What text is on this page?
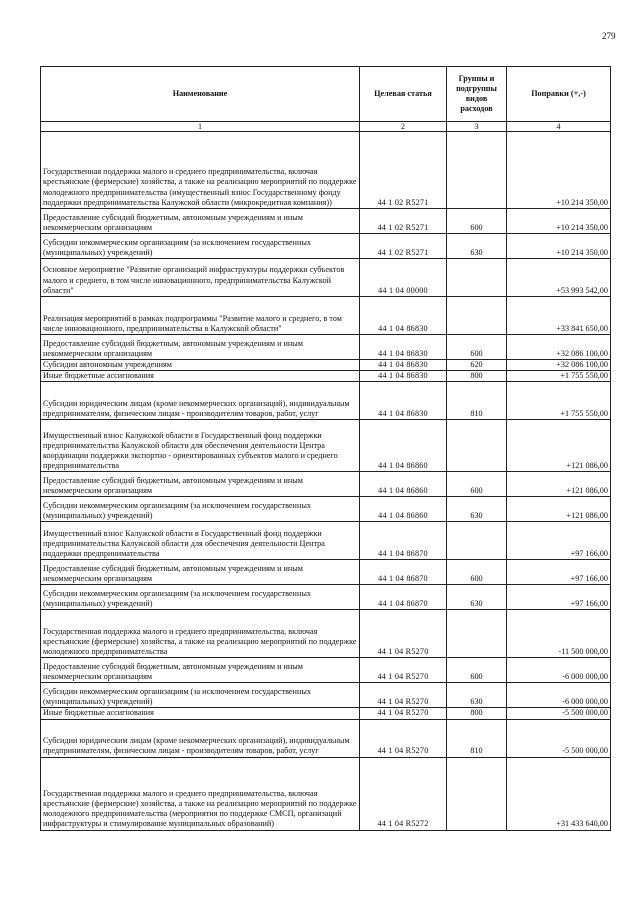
279
Наименование	Целевая статья	Группы и подгруппы видов расходов	Поправки (+,-)
1	2	3	4
Государственная поддержка малого и среднего предпринимательства, включая крестьянские (фермерские) хозяйства, а также на реализацию мероприятий по поддержке молодежного предпринимательства (имущественный взнос Государственному фонду поддержки предпринимательства Калужской области (микрокредитная компания))	44 1 02 R5271		+10 214 350,00
Предоставление субсидий бюджетным, автономным учреждениям и иным некоммерческим организациям	44 1 02 R5271	600	+10 214 350,00
Субсидии некоммерческим организациям (за исключением государственных (муниципальных) учреждений)	44 1 02 R5271	630	+10 214 350,00
Основное мероприятие "Развитие организаций инфраструктуры поддержки субъектов малого и среднего, в том числе инновационного, предпринимательства Калужской области"	44 1 04 00000		+53 993 542,00
Реализация мероприятий в рамках подпрограммы "Развитие малого и среднего, в том числе инновационного, предпринимательства в Калужской области"	44 1 04 86830		+33 841 650,00
Предоставление субсидий бюджетным, автономным учреждениям и иным некоммерческим организациям	44 1 04 86830	600	+32 086 100,00
Субсидии автономным учреждениям	44 1 04 86830	620	+32 086 100,00
Иные бюджетные ассигнования	44 1 04 86830	800	+1 755 550,00
Субсидии юридическим лицам (кроме некоммерческих организаций), индивидуальным предпринимателям, физическим лицам - производителям товаров, работ, услуг	44 1 04 86830	810	+1 755 550,00
Имущественный взнос Калужской области в Государственный фонд поддержки предпринимательства Калужской области для обеспечения деятельности Центра координации поддержки экспортно - ориентированных субъектов малого и среднего предпринимательства	44 1 04 86860		+121 086,00
Предоставление субсидий бюджетным, автономным учреждениям и иным некоммерческим организациям	44 1 04 86860	600	+121 086,00
Субсидии некоммерческим организациям (за исключением государственных (муниципальных) учреждений)	44 1 04 86860	630	+121 086,00
Имущественный взнос Калужской области в Государственный фонд поддержки предпринимательства Калужской области для обеспечения деятельности Центра поддержки предпринимательства	44 1 04 86870		+97 166,00
Предоставление субсидий бюджетным, автономным учреждениям и иным некоммерческим организациям	44 1 04 86870	600	+97 166,00
Субсидии некоммерческим организациям (за исключением государственных (муниципальных) учреждений)	44 1 04 86870	630	+97 166,00
Государственная поддержка малого и среднего предпринимательства, включая крестьянские (фермерские) хозяйства, а также на реализацию мероприятий по поддержке молодежного предпринимательства	44 1 04 R5270		-11 500 000,00
Предоставление субсидий бюджетным, автономным учреждениям и иным некоммерческим организациям	44 1 04 R5270	600	-6 000 000,00
Субсидии некоммерческим организациям (за исключением государственных (муниципальных) учреждений)	44 1 04 R5270	630	-6 000 000,00
Иные бюджетные ассигнования	44 1 04 R5270	800	-5 500 000,00
Субсидии юридическим лицам (кроме некоммерческих организаций), индивидуальным предпринимателям, физическим лицам - производителям товаров, работ, услуг	44 1 04 R5270	810	-5 500 000,00
Государственная поддержка малого и среднего предпринимательства, включая крестьянские (фермерские) хозяйства, а также на реализацию мероприятий по поддержке молодежного предпринимательства (мероприятия по поддержке СМСП, организаций инфраструктуры и стимулирование муниципальных образований)	44 1 04 R5272		+31 433 640,00
